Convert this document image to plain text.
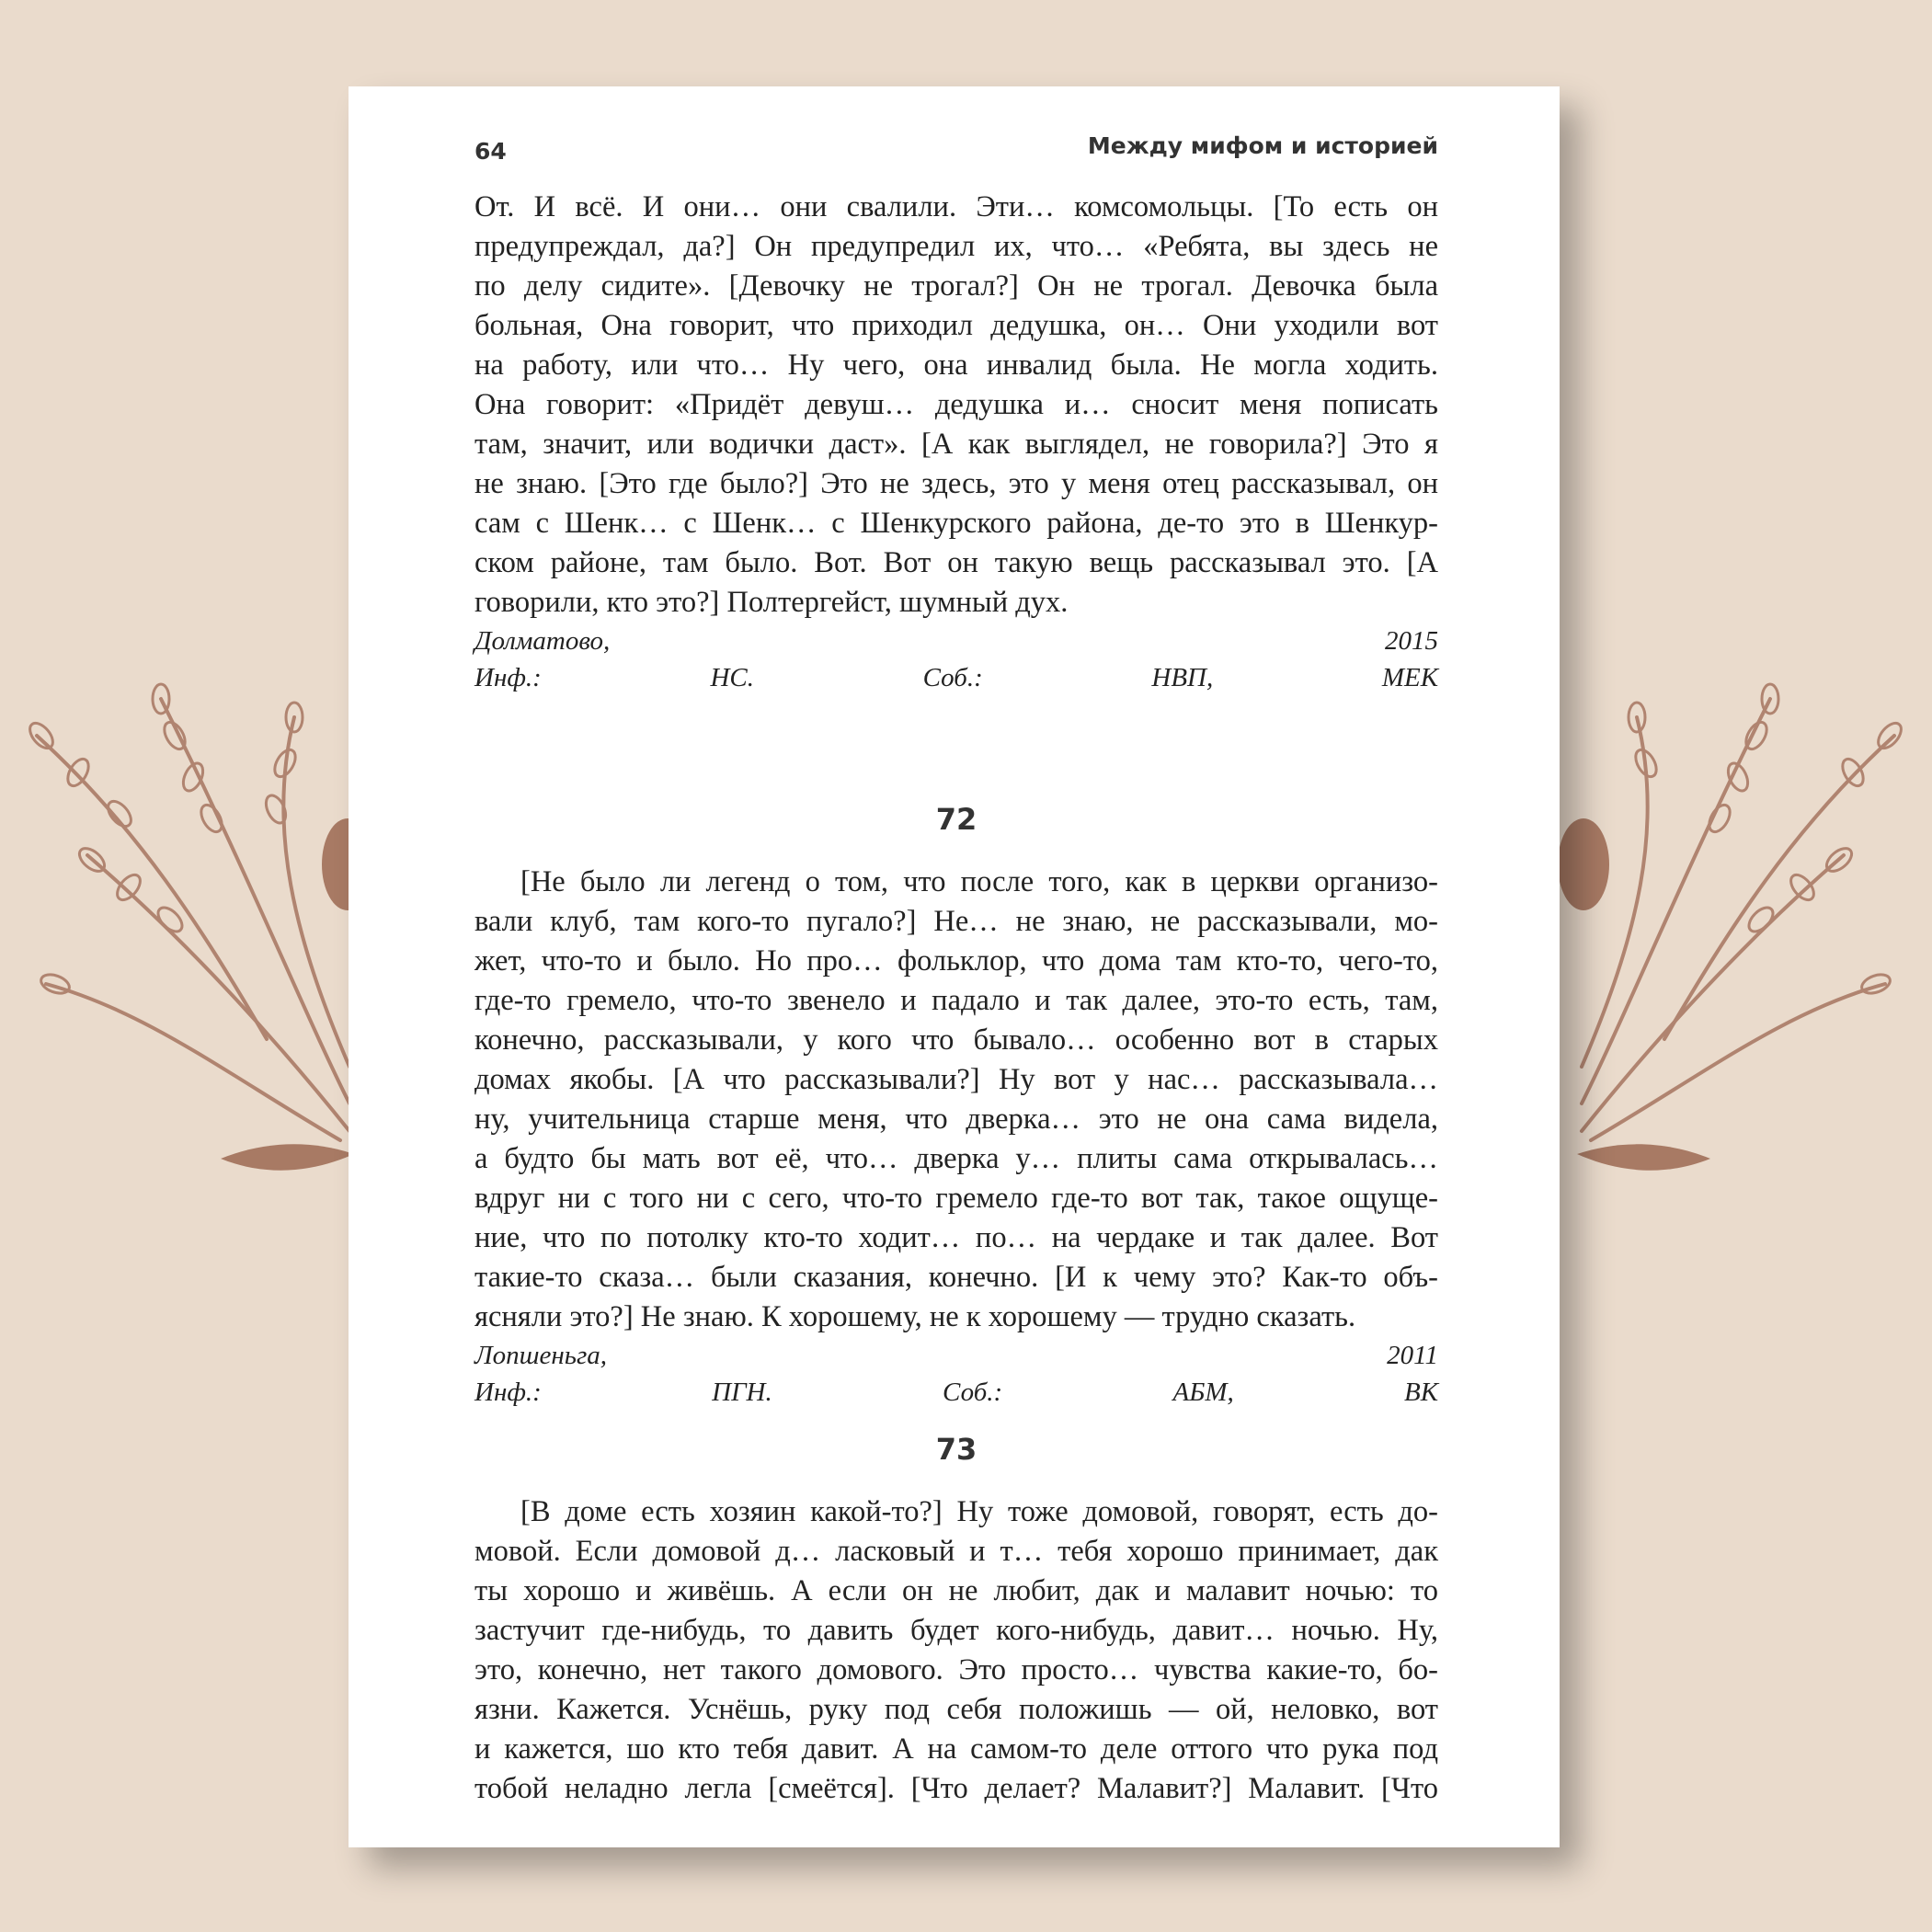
64	Между мифом и историей
От. И всё. И они… они свалили. Эти… комсомольцы. [То есть он
предупреждал, да?] Он предупредил их, что… «Ребята, вы здесь не
по делу сидите». [Девочку не трогал?] Он не трогал. Девочка была
больная, Она говорит, что приходил дедушка, он… Они уходили вот
на работу, или что… Ну чего, она инвалид была. Не могла ходить.
Она говорит: «Придёт девуш… дедушка и… сносит меня пописать
там, значит, или водички даст». [А как выглядел, не говорила?] Это я
не знаю. [Это где было?] Это не здесь, это у меня отец рассказывал, он
сам с Шенк… с Шенк… с Шенкурского района, де-то это в Шенкур-
ском районе, там было. Вот. Вот он такую вещь рассказывал это. [А
говорили, кто это?] Полтергейст, шумный дух.
Долматово, 2015
Инф.: НС. Соб.: НВП, МЕК
72
[Не было ли легенд о том, что после того, как в церкви организо-
вали клуб, там кого-то пугало?] Не… не знаю, не рассказывали, мо-
жет, что-то и было. Но про… фольклор, что дома там кто-то, чего-то,
где-то гремело, что-то звенело и падало и так далее, это-то есть, там,
конечно, рассказывали, у кого что бывало… особенно вот в старых
домах якобы. [А что рассказывали?] Ну вот у нас… рассказывала…
ну, учительница старше меня, что дверка… это не она сама видела,
а будто бы мать вот её, что… дверка у… плиты сама открывалась…
вдруг ни с того ни с сего, что-то гремело где-то вот так, такое ощуще-
ние, что по потолку кто-то ходит… по… на чердаке и так далее. Вот
такие-то сказа… были сказания, конечно. [И к чему это? Как-то объ-
ясняли это?] Не знаю. К хорошему, не к хорошему — трудно сказать.
Лопшеньга, 2011
Инф.: ПГН. Соб.: АБМ, ВК
73
[В доме есть хозяин какой-то?] Ну тоже домовой, говорят, есть до-
мовой. Если домовой д… ласковый и т… тебя хорошо принимает, дак
ты хорошо и живёшь. А если он не любит, дак и малавит ночью: то
застучит где-нибудь, то давить будет кого-нибудь, давит… ночью. Ну,
это, конечно, нет такого домового. Это просто… чувства какие-то, бо-
язни. Кажется. Уснёшь, руку под себя положишь — ой, неловко, вот
и кажется, шо кто тебя давит. А на самом-то деле оттого что рука под
тобой неладно легла [смеётся]. [Что делает? Малавит?] Малавит. [Что
